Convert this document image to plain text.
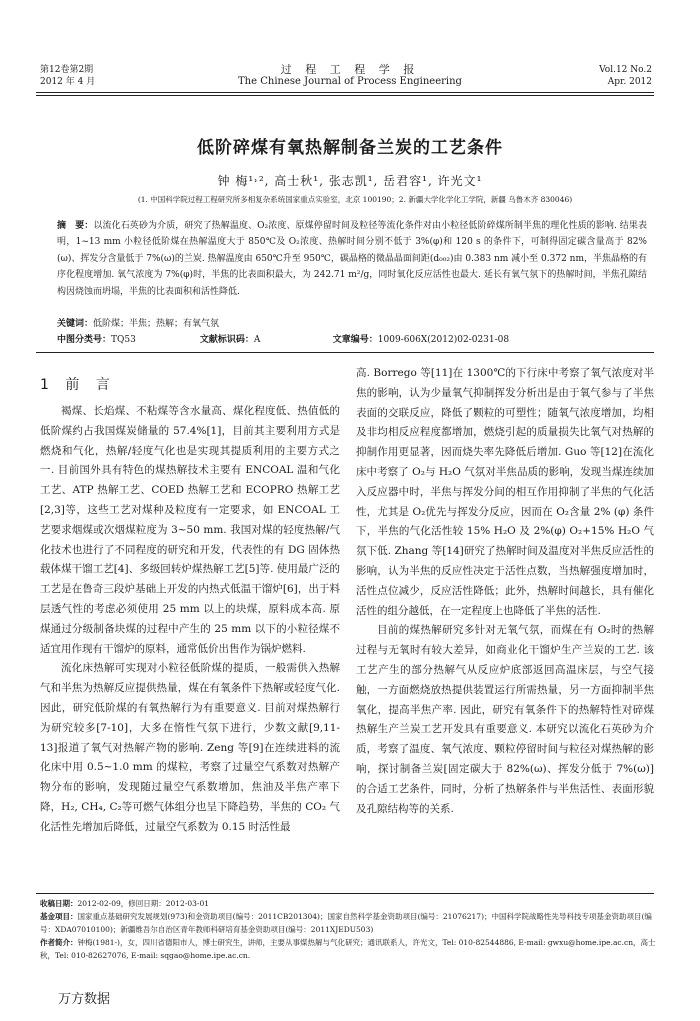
第12卷第2期
2012 年 4 月
过 程 工 程 学 报
The Chinese Journal of Process Engineering
Vol.12 No.2
Apr. 2012
低阶碎煤有氧热解制备兰炭的工艺条件
钟 梅¹˒², 高士秋¹, 张志凯¹, 岳君容¹, 许光文¹
(1. 中国科学院过程工程研究所多相复杂系统国家重点实验室，北京 100190；2. 新疆大学化学化工学院，新疆 乌鲁木齐 830046)
摘　要：以流化石英砂为介质，研究了热解温度、O₂浓度、原煤停留时间及粒径等流化条件对由小粒径低阶碎煤所制半焦的理化性质的影响. 结果表明，1~13 mm 小粒径低阶煤在热解温度大于 850℃及 O₂浓度、热解时间分别不低于 3%(φ)和 120 s 的条件下，可制得固定碳含量高于 82%(ω)、挥发分含量低于 7%(ω)的兰炭. 热解温度由 650℃升至 950℃，碳晶格的微晶晶面间距(d₀₀₂)由 0.383 nm 减小至 0.372 nm，半焦晶格的有序化程度增加. 氧气浓度为 7%(φ)时，半焦的比表面积最大，为 242.71 m²/g，同时氧化反应活性也最大. 延长有氧气氛下的热解时间，半焦孔隙结构因烧蚀而坍塌，半焦的比表面积和活性降低.
关键词：低阶煤；半焦；热解；有氧气氛
中图分类号：TQ53	文献标识码：A	文章编号：1009-606X(2012)02-0231-08
1 前 言

褐煤、长焰煤、不粘煤等含水量高、煤化程度低、热值低的低阶煤约占我国煤炭储量的 57.4%[1]，目前其主要利用方式是燃烧和气化，热解/轻度气化也是实现其提质利用的主要方式之一. 目前国外具有特色的煤热解技术主要有 ENCOAL 温和气化工艺、ATP 热解工艺、COED 热解工艺和 ECOPRO 热解工艺[2,3]等，这些工艺对煤种及粒度有一定要求，如 ENCOAL 工艺要求烟煤或次烟煤粒度为 3~50 mm. 我国对煤的轻度热解/气化技术也进行了不同程度的研究和开发，代表性的有 DG 固体热载体煤干馏工艺[4]、多级回转炉煤热解工艺[5]等. 使用最广泛的工艺是在鲁奇三段炉基础上开发的内热式低温干馏炉[6]，出于料层透气性的考虑必须使用 25 mm 以上的块煤，原料成本高. 原煤通过分级制备块煤的过程中产生的 25 mm 以下的小粒径煤不适宜用作现有干馏炉的原料，通常低价出售作为锅炉燃料.

流化床热解可实现对小粒径低阶煤的提质，一般需供入热解气和半焦为热解反应提供热量，煤在有氧条件下热解或轻度气化. 因此，研究低阶煤的有氧热解行为有重要意义. 目前对煤热解行为研究较多[7-10]，大多在惰性气氛下进行，少数文献[9,11-13]报道了氧气对热解产物的影响. Zeng 等[9]在连续进料的流化床中用 0.5~1.0 mm 的煤粒，考察了过量空气系数对热解产物分布的影响，发现随过量空气系数增加，焦油及半焦产率下降，H₂, CH₄, C₂等可燃气体组分也呈下降趋势，半焦的 CO₂ 气化活性先增加后降低，过量空气系数为 0.15 时活性最

高. Borrego 等[11]在 1300℃的下行床中考察了氧气浓度对半焦的影响，认为少量氧气抑制挥发分析出是由于氧气参与了半焦表面的交联反应，降低了颗粒的可塑性；随氧气浓度增加，均相及非均相反应程度都增加，燃烧引起的质量损失比氧气对热解的抑制作用更显著，因而烧失率先降低后增加. Guo 等[12]在流化床中考察了 O₂与 H₂O 气氛对半焦品质的影响，发现当煤连续加入反应器中时，半焦与挥发分间的相互作用抑制了半焦的气化活性，尤其是 O₂优先与挥发分反应，因而在 O₂含量 2% (φ) 条件下，半焦的气化活性较 15% H₂O 及 2%(φ) O₂+15% H₂O 气氛下低. Zhang 等[14]研究了热解时间及温度对半焦反应活性的影响，认为半焦的反应性决定于活性点数，当热解强度增加时，活性点位减少，反应活性降低；此外，热解时间越长，具有催化活性的组分越低，在一定程度上也降低了半焦的活性.

目前的煤热解研究多针对无氧气氛，而煤在有 O₂时的热解过程与无氧时有较大差异，如商业化干馏炉生产兰炭的工艺. 该工艺产生的部分热解气从反应炉底部返回高温床层，与空气接触，一方面燃烧放热提供装置运行所需热量，另一方面抑制半焦氧化，提高半焦产率. 因此，研究有氧条件下的热解特性对碎煤热解生产兰炭工艺开发具有重要意义. 本研究以流化石英砂为介质，考察了温度、氧气浓度、颗粒停留时间与粒径对煤热解的影响，探讨制备兰炭[固定碳大于 82%(ω)、挥发分低于 7%(ω)]的合适工艺条件，同时，分析了热解条件与半焦活性、表面形貌及孔隙结构等的关系.

收稿日期：2012-02-09，修回日期：2012-03-01
基金项目：国家重点基础研究发展规划(973)和金资助项目(编号：2011CB201304)；国家自然科学基金资助项目(编号：21076217)；中国科学院战略性先导科技专项基金资助项目(编号：XDA07010100)；新疆维吾尔自治区青年教师科研培育基金资助项目(编号：2011XJEDU503)
作者简介：钟梅(1981-)，女，四川省德阳市人，博士研究生，讲师，主要从事煤热解与气化研究；通讯联系人，许光文，Tel: 010-82544886, E-mail: gwxu@home.ipe.ac.cn，高士秋，Tel: 010-82627076, E-mail: sqgao@home.ipe.ac.cn.
万方数据
